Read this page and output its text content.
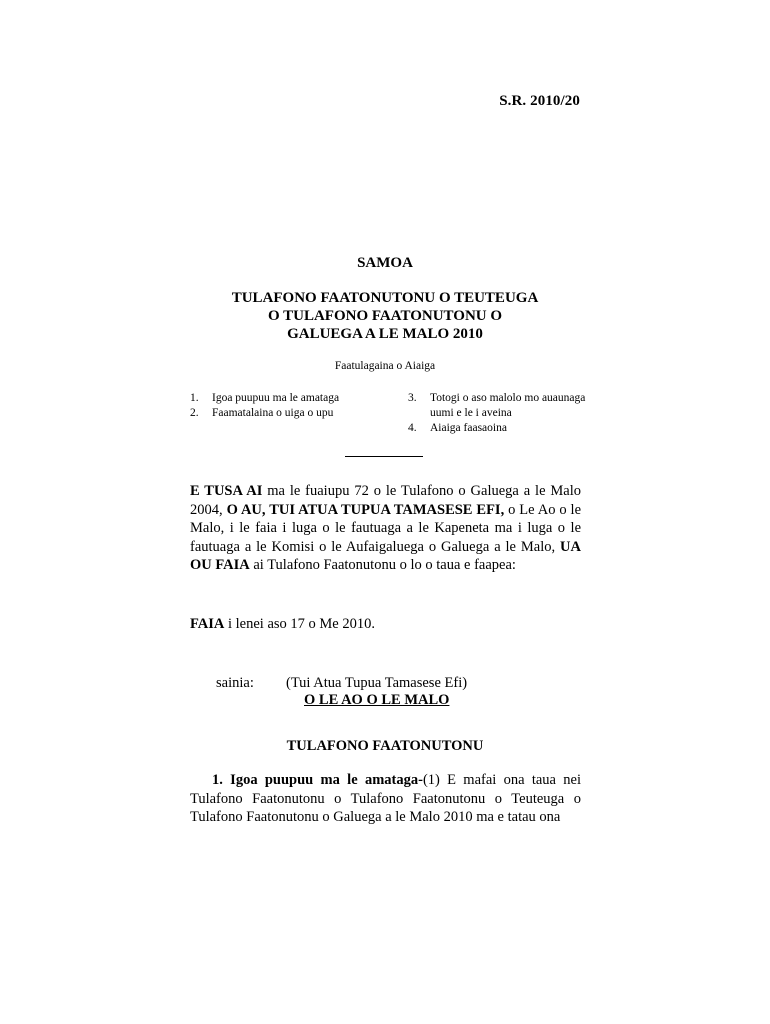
S.R. 2010/20
SAMOA
TULAFONO FAATONUTONU O TEUTEUGA
O TULAFONO FAATONUTONU O
GALUEGA A LE MALO 2010
Faatulagaina o Aiaiga
1.	Igoa puupuu ma le amataga
2.	Faamatalaina o uiga o upu
3.	Totogi o aso malolo mo auaunaga uumi e le i aveina
4.	Aiaiga faasaoina
E TUSA AI ma le fuaiupu 72 o le Tulafono o Galuega a le Malo 2004, O AU, TUI ATUA TUPUA TAMASESE EFI, o Le Ao o le Malo, i le faia i luga o le fautuaga a le Kapeneta ma i luga o le fautuaga a le Komisi o le Aufaigaluega o Galuega a le Malo, UA OU FAIA ai Tulafono Faatonutonu o lo o taua e faapea:
FAIA i lenei aso 17 o Me 2010.
sainia: (Tui Atua Tupua Tamasese Efi)
O LE AO O LE MALO
TULAFONO FAATONUTONU
1. Igoa puupuu ma le amataga-(1) E mafai ona taua nei Tulafono Faatonutonu o Tulafono Faatonutonu o Teuteuga o Tulafono Faatonutonu o Galuega a le Malo 2010 ma e tatau ona
